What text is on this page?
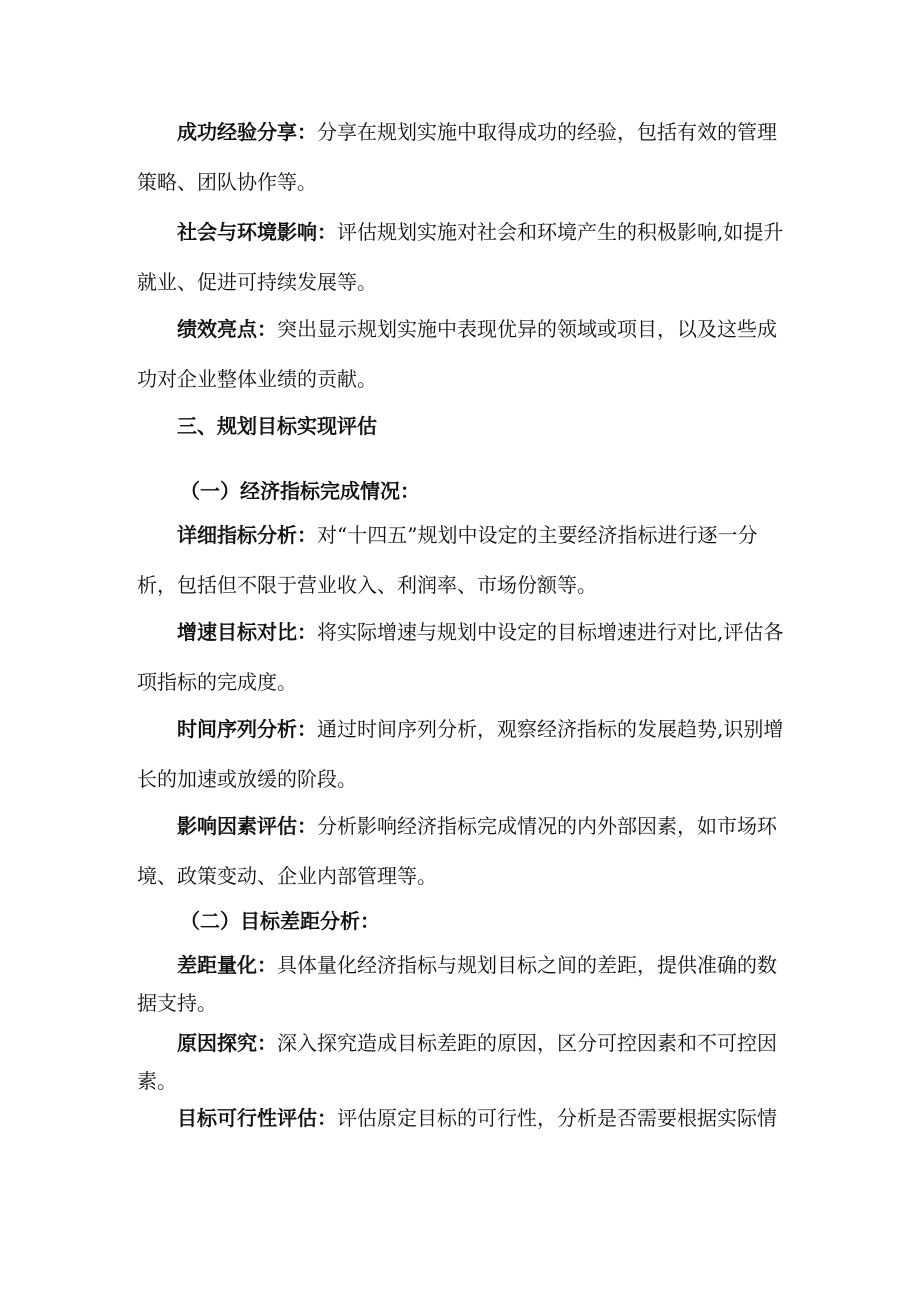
成功经验分享：分享在规划实施中取得成功的经验，包括有效的管理
策略、团队协作等。
社会与环境影响：评估规划实施对社会和环境产生的积极影响,如提升
就业、促进可持续发展等。
绩效亮点：突出显示规划实施中表现优异的领域或项目，以及这些成
功对企业整体业绩的贡献。
三、规划目标实现评估
（一）经济指标完成情况：
详细指标分析：对“十四五”规划中设定的主要经济指标进行逐一分
析，包括但不限于营业收入、利润率、市场份额等。
增速目标对比：将实际增速与规划中设定的目标增速进行对比,评估各
项指标的完成度。
时间序列分析：通过时间序列分析，观察经济指标的发展趋势,识别增
长的加速或放缓的阶段。
影响因素评估：分析影响经济指标完成情况的内外部因素，如市场环
境、政策变动、企业内部管理等。
（二）目标差距分析：
差距量化：具体量化经济指标与规划目标之间的差距，提供准确的数
据支持。
原因探究：深入探究造成目标差距的原因，区分可控因素和不可控因
素。
目标可行性评估：评估原定目标的可行性，分析是否需要根据实际情
